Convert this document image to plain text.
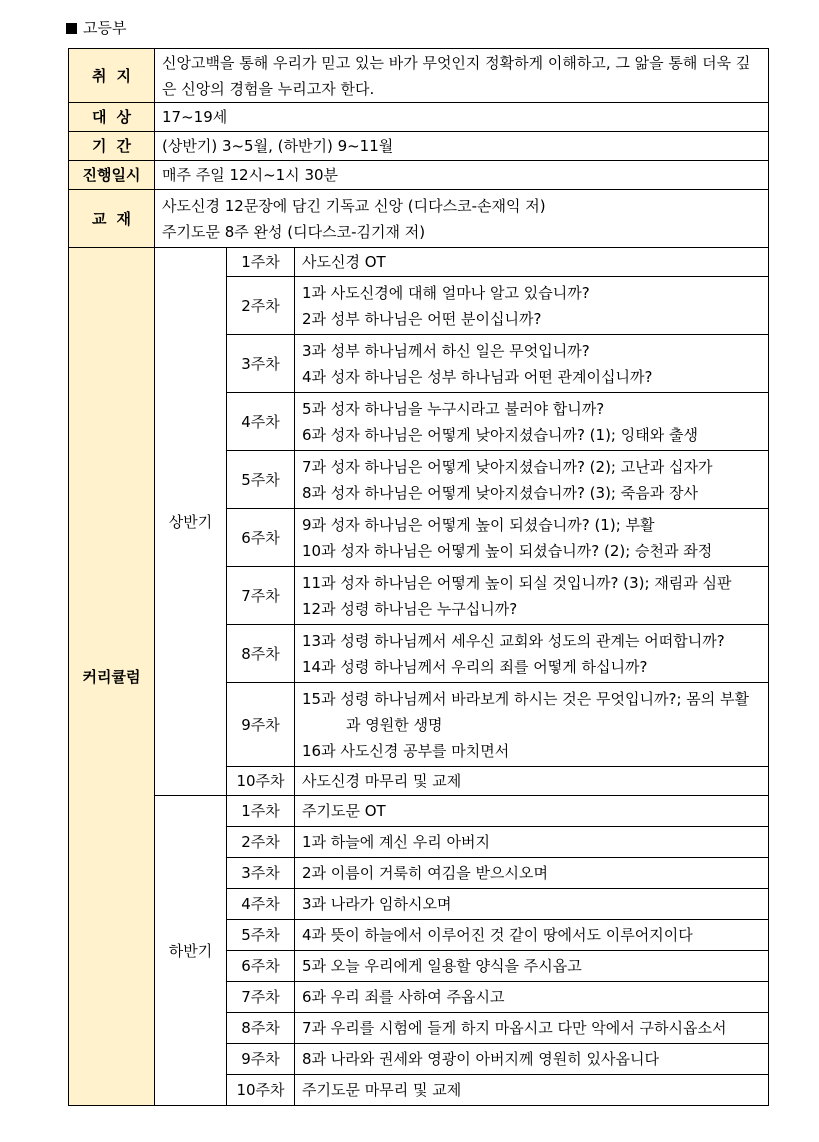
고등부
취지	신앙고백을 통해 우리가 믿고 있는 바가 무엇인지 정확하게 이해하고, 그 앎을 통해 더욱 깊은 신앙의 경험을 누리고자 한다.		
대상	17~19세		
기간	(상반기) 3~5월, (하반기) 9~11월		
진행일시	매주 주일 12시~1시 30분		
교재	사도신경 12문장에 담긴 기독교 신앙 (디다스코-손재익 저)
주기도문 8주 완성 (디다스코-김기재 저)		

커리큘럼	상반기	1주차	사도신경 OT

		2주차	1과 사도신경에 대해 얼마나 알고 있습니까?
2과 성부 하나님은 어떤 분이십니까?

		3주차	3과 성부 하나님께서 하신 일은 무엇입니까?
4과 성자 하나님은 성부 하나님과 어떤 관계이십니까?

		4주차	5과 성자 하나님을 누구시라고 불러야 합니까?
6과 성자 하나님은 어떻게 낮아지셨습니까? (1); 잉태와 출생

		5주차	7과 성자 하나님은 어떻게 낮아지셨습니까? (2); 고난과 십자가
8과 성자 하나님은 어떻게 낮아지셨습니까? (3); 죽음과 장사

		6주차	9과 성자 하나님은 어떻게 높이 되셨습니까? (1); 부활
10과 성자 하나님은 어떻게 높이 되셨습니까? (2); 승천과 좌정

		7주차	11과 성자 하나님은 어떻게 높이 되실 것입니까? (3); 재림과 심판
12과 성령 하나님은 누구십니까?

		8주차	13과 성령 하나님께서 세우신 교회와 성도의 관계는 어떠합니까?
14과 성령 하나님께서 우리의 죄를 어떻게 하십니까?

		9주차	15과 성령 하나님께서 바라보게 하시는 것은 무엇입니까?; 몸의 부활과 영원한 생명
16과 사도신경 공부를 마치면서

		10주차	사도신경 마무리 및 교제

	하반기	1주차	주기도문 OT

		2주차	1과 하늘에 계신 우리 아버지

		3주차	2과 이름이 거룩히 여김을 받으시오며

		4주차	3과 나라가 임하시오며

		5주차	4과 뜻이 하늘에서 이루어진 것 같이 땅에서도 이루어지이다

		6주차	5과 오늘 우리에게 일용할 양식을 주시옵고

		7주차	6과 우리 죄를 사하여 주옵시고

		8주차	7과 우리를 시험에 들게 하지 마옵시고 다만 악에서 구하시옵소서

		9주차	8과 나라와 권세와 영광이 아버지께 영원히 있사옵니다

		10주차	주기도문 마무리 및 교제
